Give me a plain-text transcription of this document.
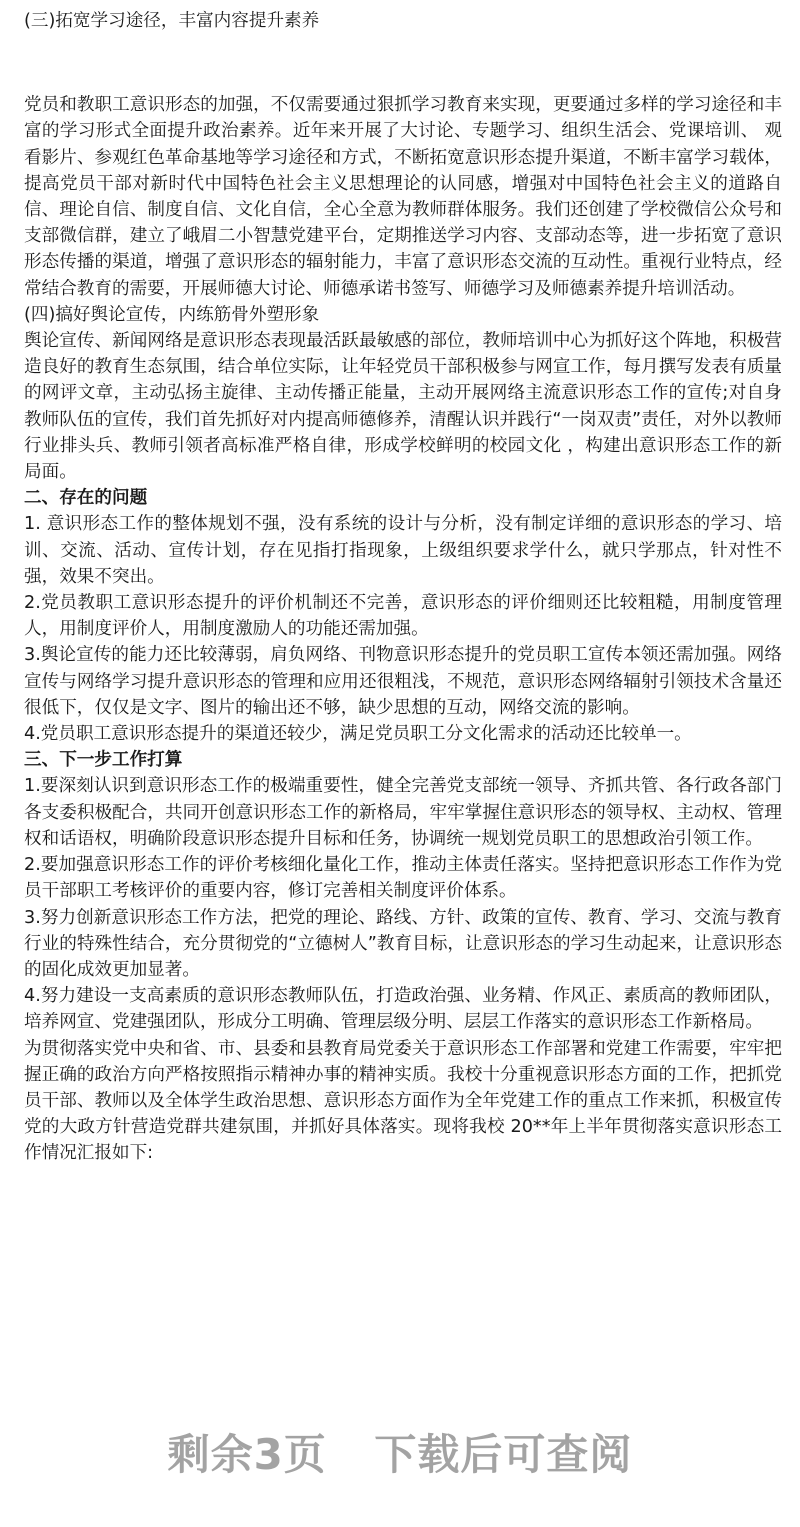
(三)拓宽学习途径，丰富内容提升素养

党员和教职工意识形态的加强，不仅需要通过狠抓学习教育来实现，更要通过多样的学习途径和丰富的学习形式全面提升政治素养。近年来开展了大讨论、专题学习、组织生活会、党课培训、 观看影片、参观红色革命基地等学习途径和方式，不断拓宽意识形态提升渠道，不断丰富学习载体，提高党员干部对新时代中国特色社会主义思想理论的认同感，增强对中国特色社会主义的道路自信、理论自信、制度自信、文化自信，全心全意为教师群体服务。我们还创建了学校微信公众号和支部微信群，建立了峨眉二小智慧党建平台，定期推送学习内容、支部动态等，进一步拓宽了意识形态传播的渠道，增强了意识形态的辐射能力，丰富了意识形态交流的互动性。重视行业特点，经常结合教育的需要，开展师德大讨论、师德承诺书签写、师德学习及师德素养提升培训活动。

(四)搞好舆论宣传，内练筋骨外塑形象

舆论宣传、新闻网络是意识形态表现最活跃最敏感的部位，教师培训中心为抓好这个阵地，积极营造良好的教育生态氛围，结合单位实际，让年轻党员干部积极参与网宣工作，每月撰写发表有质量的网评文章，主动弘扬主旋律、主动传播正能量，主动开展网络主流意识形态工作的宣传;对自身教师队伍的宣传，我们首先抓好对内提高师德修养，清醒认识并践行“一岗双责”责任，对外以教师行业排头兵、教师引领者高标准严格自律，形成学校鲜明的校园文化 ，构建出意识形态工作的新局面。

二、存在的问题

1. 意识形态工作的整体规划不强，没有系统的设计与分析，没有制定详细的意识形态的学习、培训、交流、活动、宣传计划，存在见指打指现象，上级组织要求学什么，就只学那点，针对性不强，效果不突出。

2.党员教职工意识形态提升的评价机制还不完善，意识形态的评价细则还比较粗糙，用制度管理人，用制度评价人，用制度激励人的功能还需加强。

3.舆论宣传的能力还比较薄弱，肩负网络、刊物意识形态提升的党员职工宣传本领还需加强。网络宣传与网络学习提升意识形态的管理和应用还很粗浅，不规范，意识形态网络辐射引领技术含量还很低下，仅仅是文字、图片的输出还不够，缺少思想的互动，网络交流的影响。

4.党员职工意识形态提升的渠道还较少，满足党员职工分文化需求的活动还比较单一。

三、下一步工作打算

1.要深刻认识到意识形态工作的极端重要性，健全完善党支部统一领导、齐抓共管、各行政各部门各支委积极配合，共同开创意识形态工作的新格局，牢牢掌握住意识形态的领导权、主动权、管理权和话语权，明确阶段意识形态提升目标和任务，协调统一规划党员职工的思想政治引领工作。

2.要加强意识形态工作的评价考核细化量化工作，推动主体责任落实。坚持把意识形态工作作为党员干部职工考核评价的重要内容，修订完善相关制度评价体系。

3.努力创新意识形态工作方法，把党的理论、路线、方针、政策的宣传、教育、学习、交流与教育行业的特殊性结合，充分贯彻党的“立德树人”教育目标，让意识形态的学习生动起来，让意识形态的固化成效更加显著。

4.努力建设一支高素质的意识形态教师队伍，打造政治强、业务精、作风正、素质高的教师团队，培养网宣、党建强团队，形成分工明确、管理层级分明、层层工作落实的意识形态工作新格局。

为贯彻落实党中央和省、市、县委和县教育局党委关于意识形态工作部署和党建工作需要，牢牢把握正确的政治方向严格按照指示精神办事的精神实质。我校十分重视意识形态方面的工作，把抓党员干部、教师以及全体学生政治思想、意识形态方面作为全年党建工作的重点工作来抓，积极宣传党的大政方针营造党群共建氛围，并抓好具体落实。现将我校 20**年上半年贯彻落实意识形态工作情况汇报如下:

剩余3页 下载后可查阅
